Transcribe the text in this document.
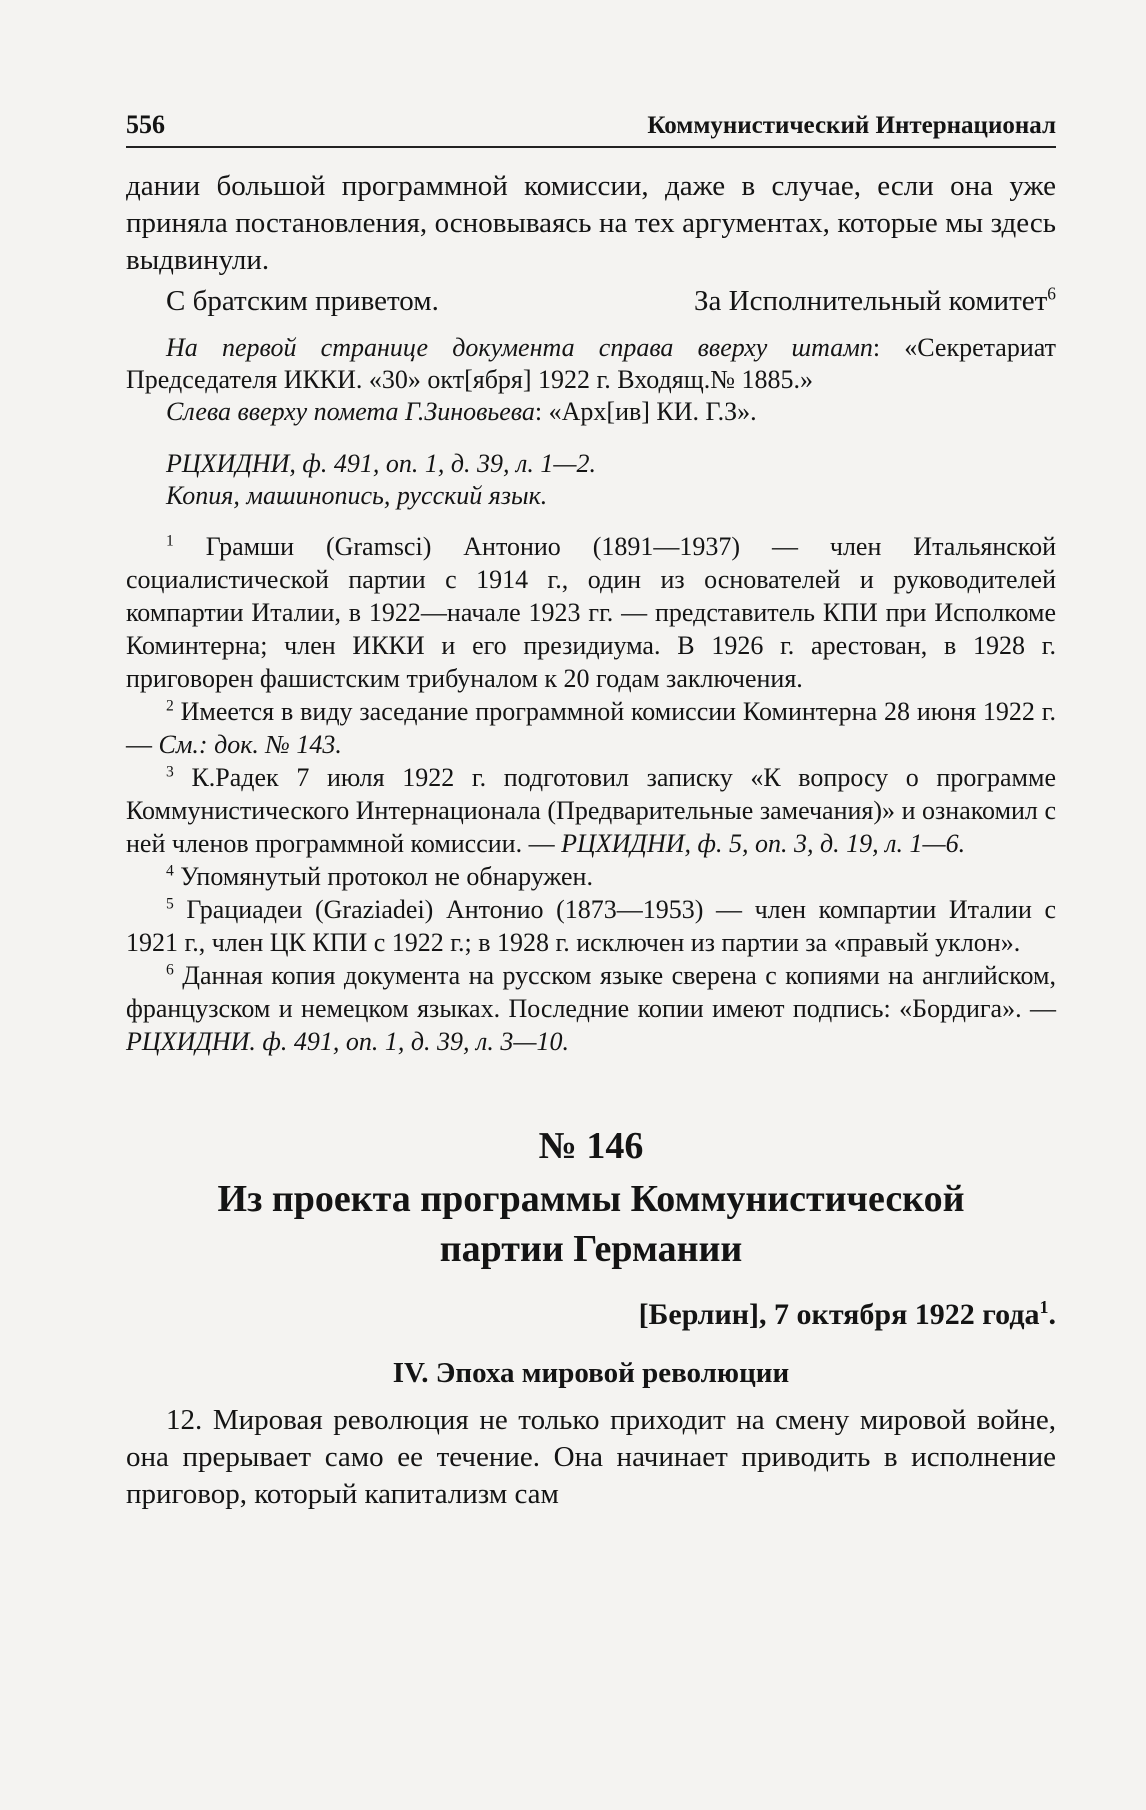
556	Коммунистический Интернационал

дании большой программной комиссии, даже в случае, если она уже приняла постановления, основываясь на тех аргументах, которые мы здесь выдвинули.

С братским приветом.	За Исполнительный комитет$^6$

На первой странице документа справа вверху штамп: «Секретариат Председателя ИККИ. «30» окт[ября] 1922 г. Входящ.№ 1885.»

Слева вверху помета Г.Зиновьева: «Арх[ив] КИ. Г.З».

РЦХИДНИ, ф. 491, оп. 1, д. 39, л. 1—2.

Копия, машинопись, русский язык.

$^1$ Грамши (Gramsci) Антонио (1891—1937) — член Итальянской социалистической партии с 1914 г., один из основателей и руководителей компартии Италии, в 1922—начале 1923 гг. — представитель КПИ при Исполкоме Коминтерна; член ИККИ и его президиума. В 1926 г. арестован, в 1928 г. приговорен фашистским трибуналом к 20 годам заключения.

$^2$ Имеется в виду заседание программной комиссии Коминтерна 28 июня 1922 г. — См.: док. № 143.

$^3$ К.Радек 7 июля 1922 г. подготовил записку «К вопросу о программе Коммунистического Интернационала (Предварительные замечания)» и ознакомил с ней членов программной комиссии. — РЦХИДНИ, ф. 5, оп. 3, д. 19, л. 1—6.

$^4$ Упомянутый протокол не обнаружен.

$^5$ Грациадеи (Graziadei) Антонио (1873—1953) — член компартии Италии с 1921 г., член ЦК КПИ с 1922 г.; в 1928 г. исключен из партии за «правый уклон».

$^6$ Данная копия документа на русском языке сверена с копиями на английском, французском и немецком языках. Последние копии имеют подпись: «Бордига». — РЦХИДНИ. ф. 491, оп. 1, д. 39, л. 3—10.

№ 146
Из проекта программы Коммунистической
партии Германии
[Берлин], 7 октября 1922 года$^1$.
IV. Эпоха мировой революции

12. Мировая революция не только приходит на смену мировой войне, она прерывает само ее течение. Она начинает приводить в исполнение приговор, который капитализм сам
